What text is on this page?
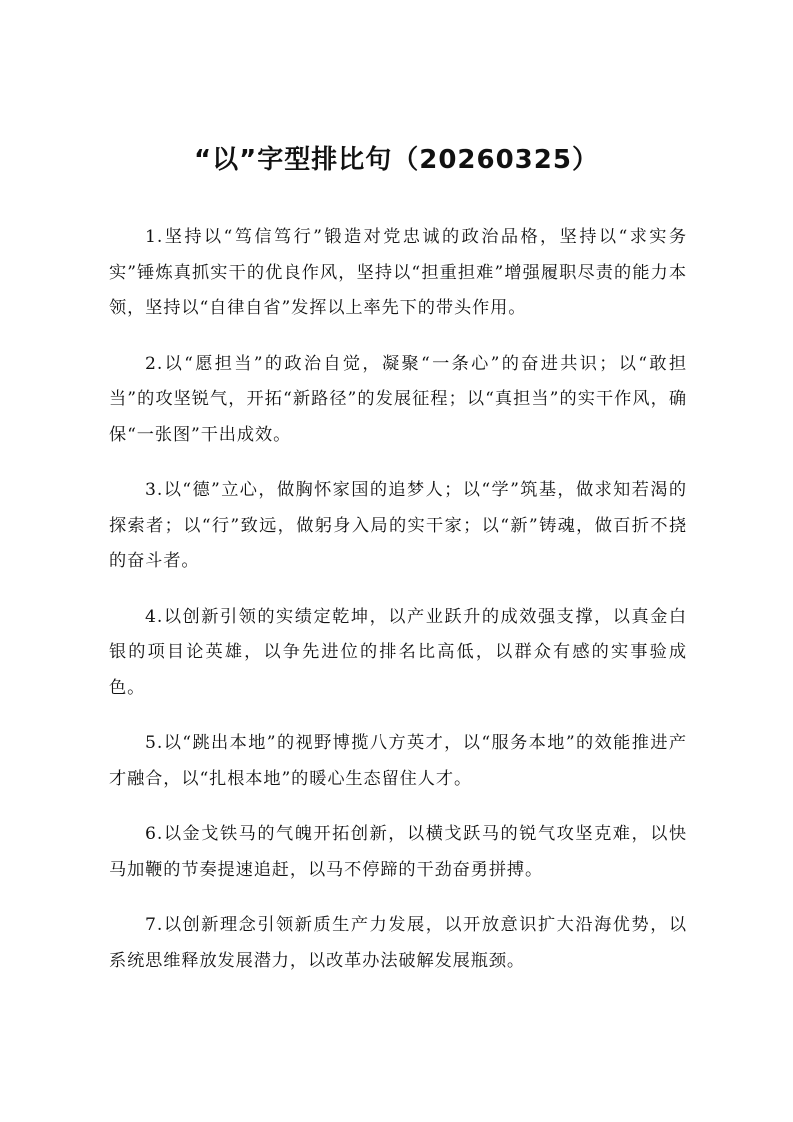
“以”字型排比句（20260325）

1.坚持以“笃信笃行”锻造对党忠诚的政治品格，坚持以“求实务实”锤炼真抓实干的优良作风，坚持以“担重担难”增强履职尽责的能力本领，坚持以“自律自省”发挥以上率先下的带头作用。

2.以“愿担当”的政治自觉，凝聚“一条心”的奋进共识；以“敢担当”的攻坚锐气，开拓“新路径”的发展征程；以“真担当”的实干作风，确保“一张图”干出成效。

3.以“德”立心，做胸怀家国的追梦人；以“学”筑基，做求知若渴的探索者；以“行”致远，做躬身入局的实干家；以“新”铸魂，做百折不挠的奋斗者。

4.以创新引领的实绩定乾坤，以产业跃升的成效强支撑，以真金白银的项目论英雄，以争先进位的排名比高低，以群众有感的实事验成色。

5.以“跳出本地”的视野博揽八方英才，以“服务本地”的效能推进产才融合，以“扎根本地”的暖心生态留住人才。

6.以金戈铁马的气魄开拓创新，以横戈跃马的锐气攻坚克难，以快马加鞭的节奏提速追赶，以马不停蹄的干劲奋勇拼搏。

7.以创新理念引领新质生产力发展，以开放意识扩大沿海优势，以系统思维释放发展潜力，以改革办法破解发展瓶颈。
